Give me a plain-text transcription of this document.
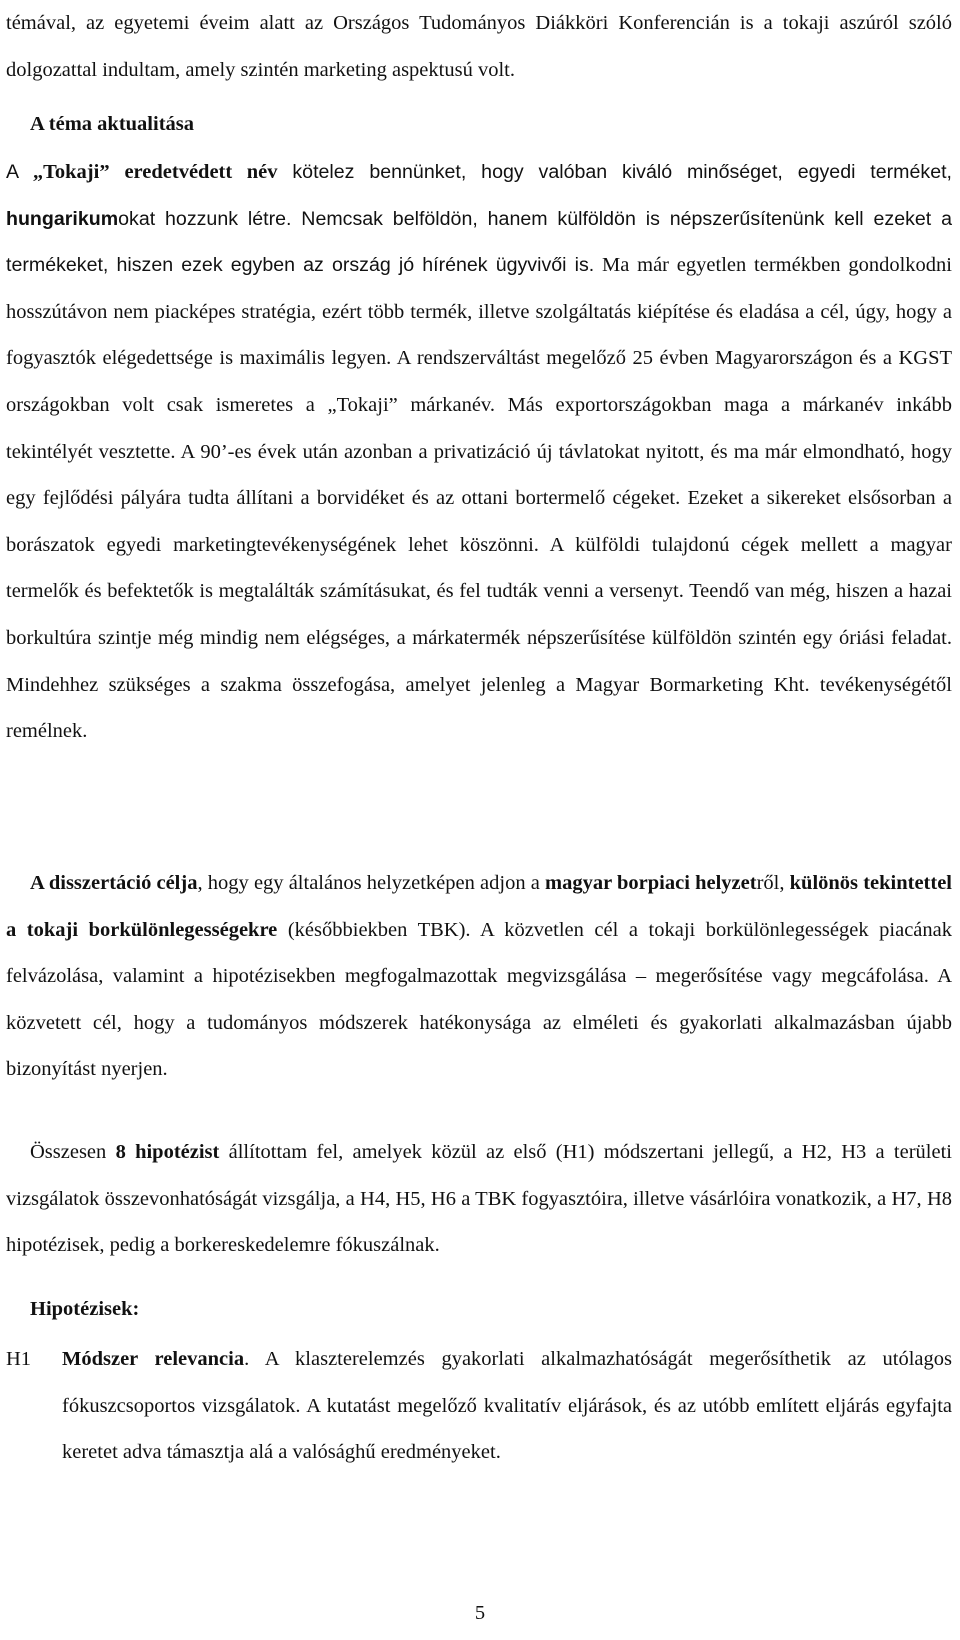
témával, az egyetemi éveim alatt az Országos Tudományos Diákköri Konferencián is a tokaji aszúról szóló dolgozattal indultam, amely szintén marketing aspektusú volt.

A téma aktualitása

A „Tokaji” eredetvédett név kötelez bennünket, hogy valóban kiváló minőséget, egyedi terméket, hungarikumokat hozzunk létre. Nemcsak belföldön, hanem külföldön is népszerűsítenünk kell ezeket a termékeket, hiszen ezek egyben az ország jó hírének ügyvivői is. Ma már egyetlen termékben gondolkodni hosszútávon nem piacképes stratégia, ezért több termék, illetve szolgáltatás kiépítése és eladása a cél, úgy, hogy a fogyasztók elégedettsége is maximális legyen. A rendszerváltást megelőző 25 évben Magyarországon és a KGST országokban volt csak ismeretes a „Tokaji” márkanév. Más exportországokban maga a márkanév inkább tekintélyét vesztette. A 90’-es évek után azonban a privatizáció új távlatokat nyitott, és ma már elmondható, hogy egy fejlődési pályára tudta állítani a borvidéket és az ottani bortermelő cégeket. Ezeket a sikereket elsősorban a borászatok egyedi marketingtevékenységének lehet köszönni. A külföldi tulajdonú cégek mellett a magyar termelők és befektetők is megtalálták számításukat, és fel tudták venni a versenyt. Teendő van még, hiszen a hazai borkultúra szintje még mindig nem elégséges, a márkatermék népszerűsítése külföldön szintén egy óriási feladat. Mindehhez szükséges a szakma összefogása, amelyet jelenleg a Magyar Bormarketing Kht. tevékenységétől remélnek.

A disszertáció célja, hogy egy általános helyzetképen adjon a magyar borpiaci helyzetről, különös tekintettel a tokaji borkülönlegességekre (későbbiekben TBK). A közvetlen cél a tokaji borkülönlegességek piacának felvázolása, valamint a hipotézisekben megfogalmazottak megvizsgálása – megerősítése vagy megcáfolása. A közvetett cél, hogy a tudományos módszerek hatékonysága az elméleti és gyakorlati alkalmazásban újabb bizonyítást nyerjen.

Összesen 8 hipotézist állítottam fel, amelyek közül az első (H1) módszertani jellegű, a H2, H3 a területi vizsgálatok összevonhatóságát vizsgálja, a H4, H5, H6 a TBK fogyasztóira, illetve vásárlóira vonatkozik, a H7, H8 hipotézisek, pedig a borkereskedelemre fókuszálnak.

Hipotézisek:
H1 Módszer relevancia. A klaszterelemzés gyakorlati alkalmazhatóságát megerősíthetik az utólagos fókuszcsoportos vizsgálatok. A kutatást megelőző kvalitatív eljárások, és az utóbb említett eljárás egyfajta keretet adva támasztja alá a valósághű eredményeket.
5
